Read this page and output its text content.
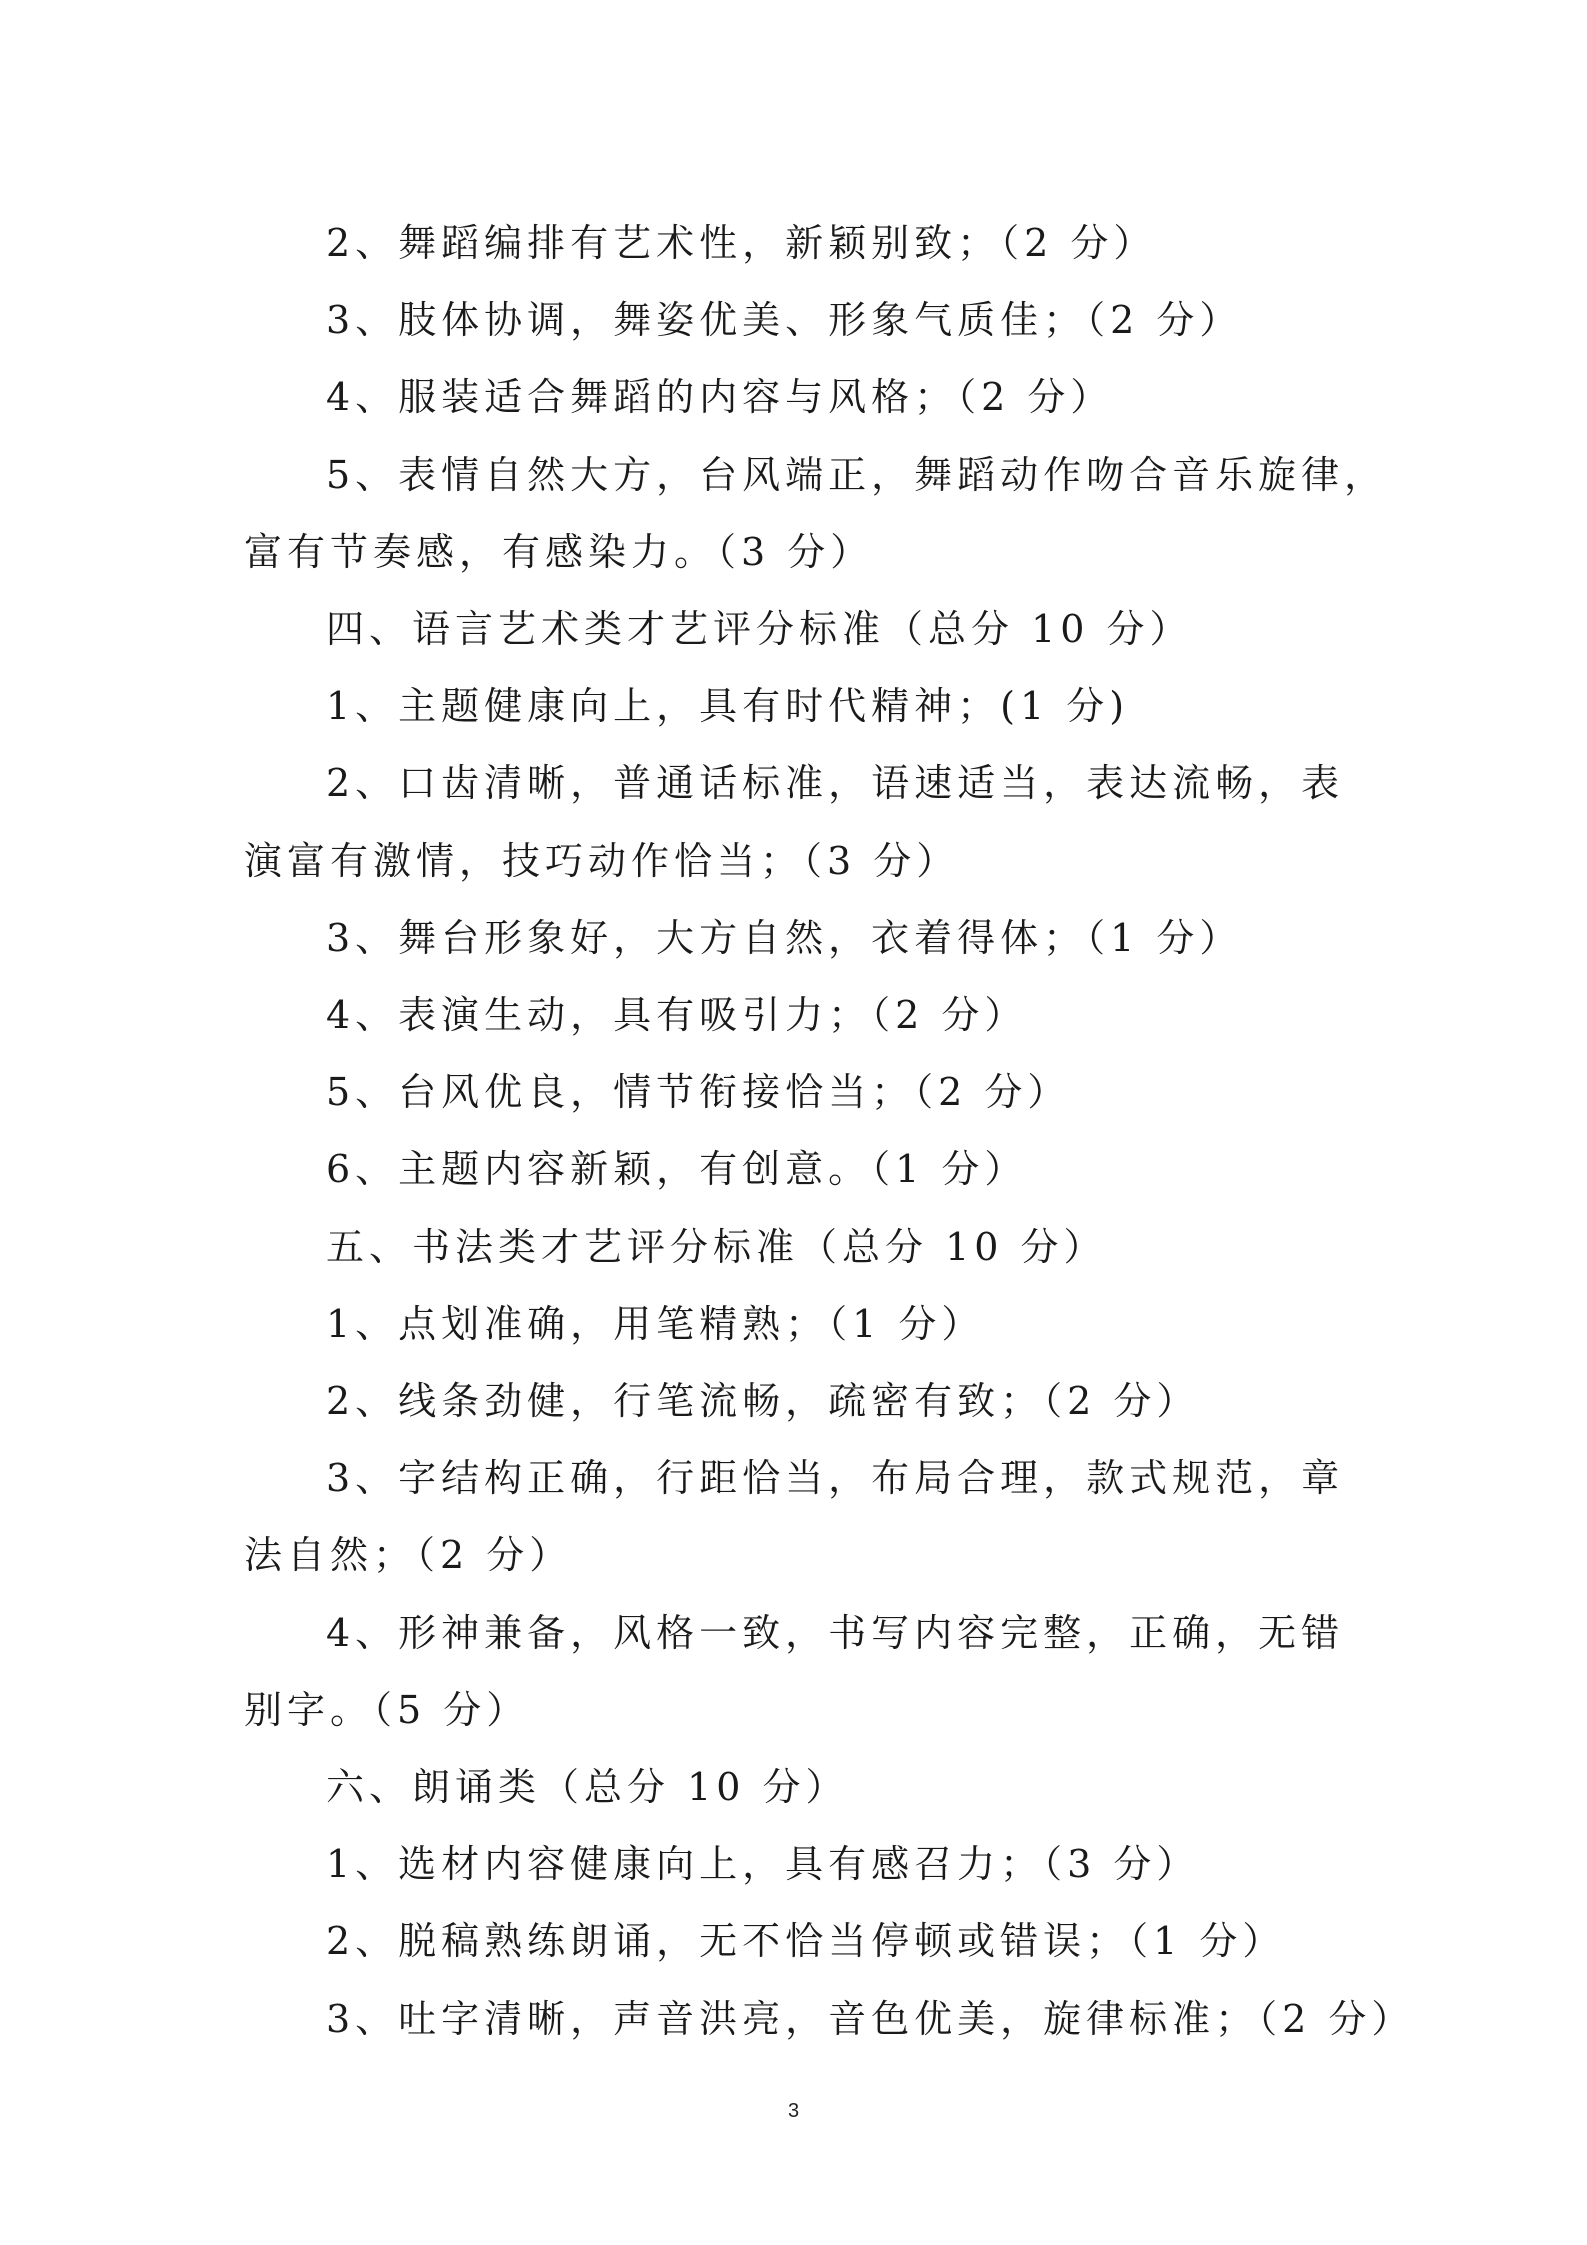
2、舞蹈编排有艺术性，新颖别致；（2 分）

3、肢体协调，舞姿优美、形象气质佳；（2 分）

4、服装适合舞蹈的内容与风格；（2 分）

5、表情自然大方，台风端正，舞蹈动作吻合音乐旋律，

富有节奏感，有感染力。（3 分）

四、语言艺术类才艺评分标准（总分 10 分）

1、主题健康向上，具有时代精神；(1 分)

2、口齿清晰，普通话标准，语速适当，表达流畅，表

演富有激情，技巧动作恰当；（3 分）

3、舞台形象好，大方自然，衣着得体；（1 分）

4、表演生动，具有吸引力；（2 分）

5、台风优良，情节衔接恰当；（2 分）

6、主题内容新颖，有创意。（1 分）

五、书法类才艺评分标准（总分 10 分）

1、点划准确，用笔精熟；（1 分）

2、线条劲健，行笔流畅，疏密有致；（2 分）

3、字结构正确，行距恰当，布局合理，款式规范，章

法自然；（2 分）

4、形神兼备，风格一致，书写内容完整，正确，无错

别字。（5 分）

六、朗诵类（总分 10 分）

1、选材内容健康向上，具有感召力；（3 分）

2、脱稿熟练朗诵，无不恰当停顿或错误；（1 分）

3、吐字清晰，声音洪亮，音色优美，旋律标准；（2 分）

3
